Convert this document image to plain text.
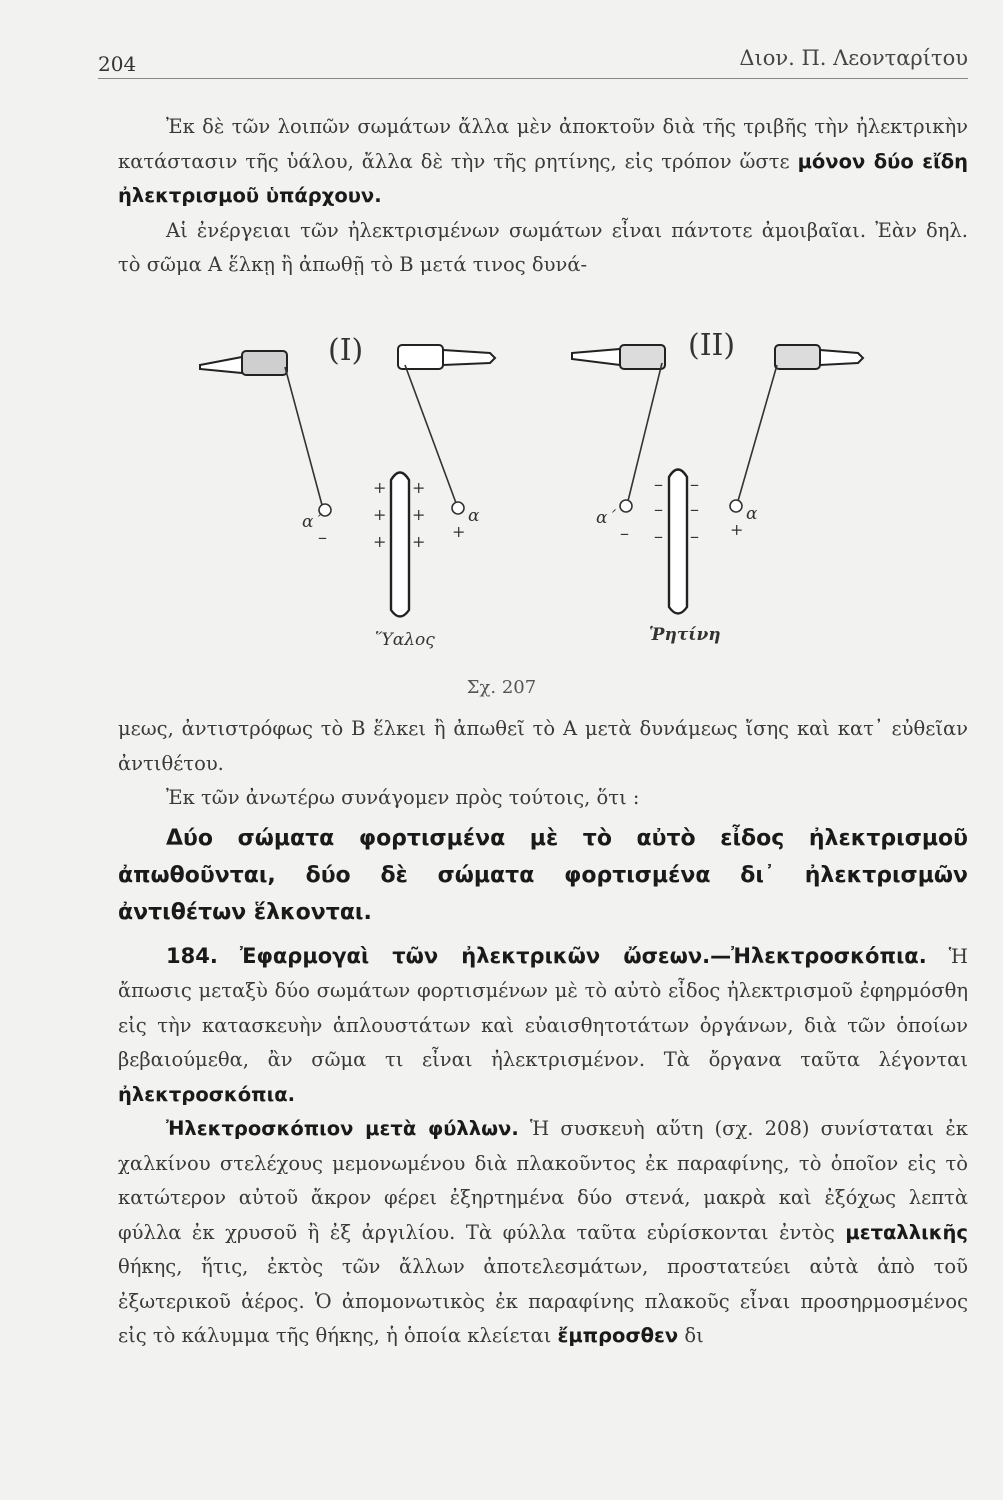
204	Διον. Π. Λεονταρίτου

Ἐκ δὲ τῶν λοιπῶν σωμάτων ἄλλα μὲν ἀποκτοῦν διὰ τῆς τριβῆς τὴν ἠλεκτρικὴν κατάστασιν τῆς ὑάλου, ἄλλα δὲ τὴν τῆς ρητίνης, εἰς τρόπον ὥστε μόνον δύο εἴδη ἠλεκτρισμοῦ ὑπάρχουν.

Αἱ ἐνέργειαι τῶν ἠλεκτρισμένων σωμάτων εἶναι πάντοτε ἀμοιβαῖαι. Ἐὰν δηλ. τὸ σῶμα Α ἕλκῃ ἢ ἀπωθῇ τὸ Β μετά τινος δυνά-

(I)
α΄
–
α
+
+
+
+
+
+
+
Ὕαλος
(II)
α΄
–
α
+
–
–
–
–
–
–
Ῥητίνη
Σχ. 207

μεως, ἀντιστρόφως τὸ Β ἕλκει ἢ ἀπωθεῖ τὸ Α μετὰ δυνάμεως ἴσης καὶ κατ᾽ εὐθεῖαν ἀντιθέτου.

Ἐκ τῶν ἀνωτέρω συνάγομεν πρὸς τούτοις, ὅτι :

Δύο σώματα φορτισμένα μὲ τὸ αὐτὸ εἶδος ἠλεκτρισμοῦ ἀπωθοῦνται, δύο δὲ σώματα φορτισμένα δι᾽ ἠλεκτρισμῶν ἀντιθέτων ἕλκονται.

184. Ἐφαρμογαὶ τῶν ἠλεκτρικῶν ὤσεων.—Ἠλεκτροσκόπια. Ἡ ἄπωσις μεταξὺ δύο σωμάτων φορτισμένων μὲ τὸ αὐτὸ εἶδος ἠλεκτρισμοῦ ἐφηρμόσθη εἰς τὴν κατασκευὴν ἁπλουστάτων καὶ εὐαισθητοτάτων ὀργάνων, διὰ τῶν ὁποίων βεβαιούμεθα, ἂν σῶμα τι εἶναι ἠλεκτρισμένον. Τὰ ὄργανα ταῦτα λέγονται ἠλεκτροσκόπια.

Ἠλεκτροσκόπιον μετὰ φύλλων. Ἡ συσκευὴ αὕτη (σχ. 208) συνίσταται ἐκ χαλκίνου στελέχους μεμονωμένου διὰ πλακοῦντος ἐκ παραφίνης, τὸ ὁποῖον εἰς τὸ κατώτερον αὐτοῦ ἄκρον φέρει ἐξηρτημένα δύο στενά, μακρὰ καὶ ἐξόχως λεπτὰ φύλλα ἐκ χρυσοῦ ἢ ἐξ ἀργιλίου. Τὰ φύλλα ταῦτα εὑρίσκονται ἐντὸς μεταλλικῆς θήκης, ἥτις, ἐκτὸς τῶν ἄλλων ἀποτελεσμάτων, προστατεύει αὐτὰ ἀπὸ τοῦ ἐξωτερικοῦ ἀέρος. Ὁ ἀπομονωτικὸς ἐκ παραφίνης πλακοῦς εἶναι προσηρμοσμένος εἰς τὸ κάλυμμα τῆς θήκης, ἡ ὁποία κλείεται ἔμπροσθεν δι
